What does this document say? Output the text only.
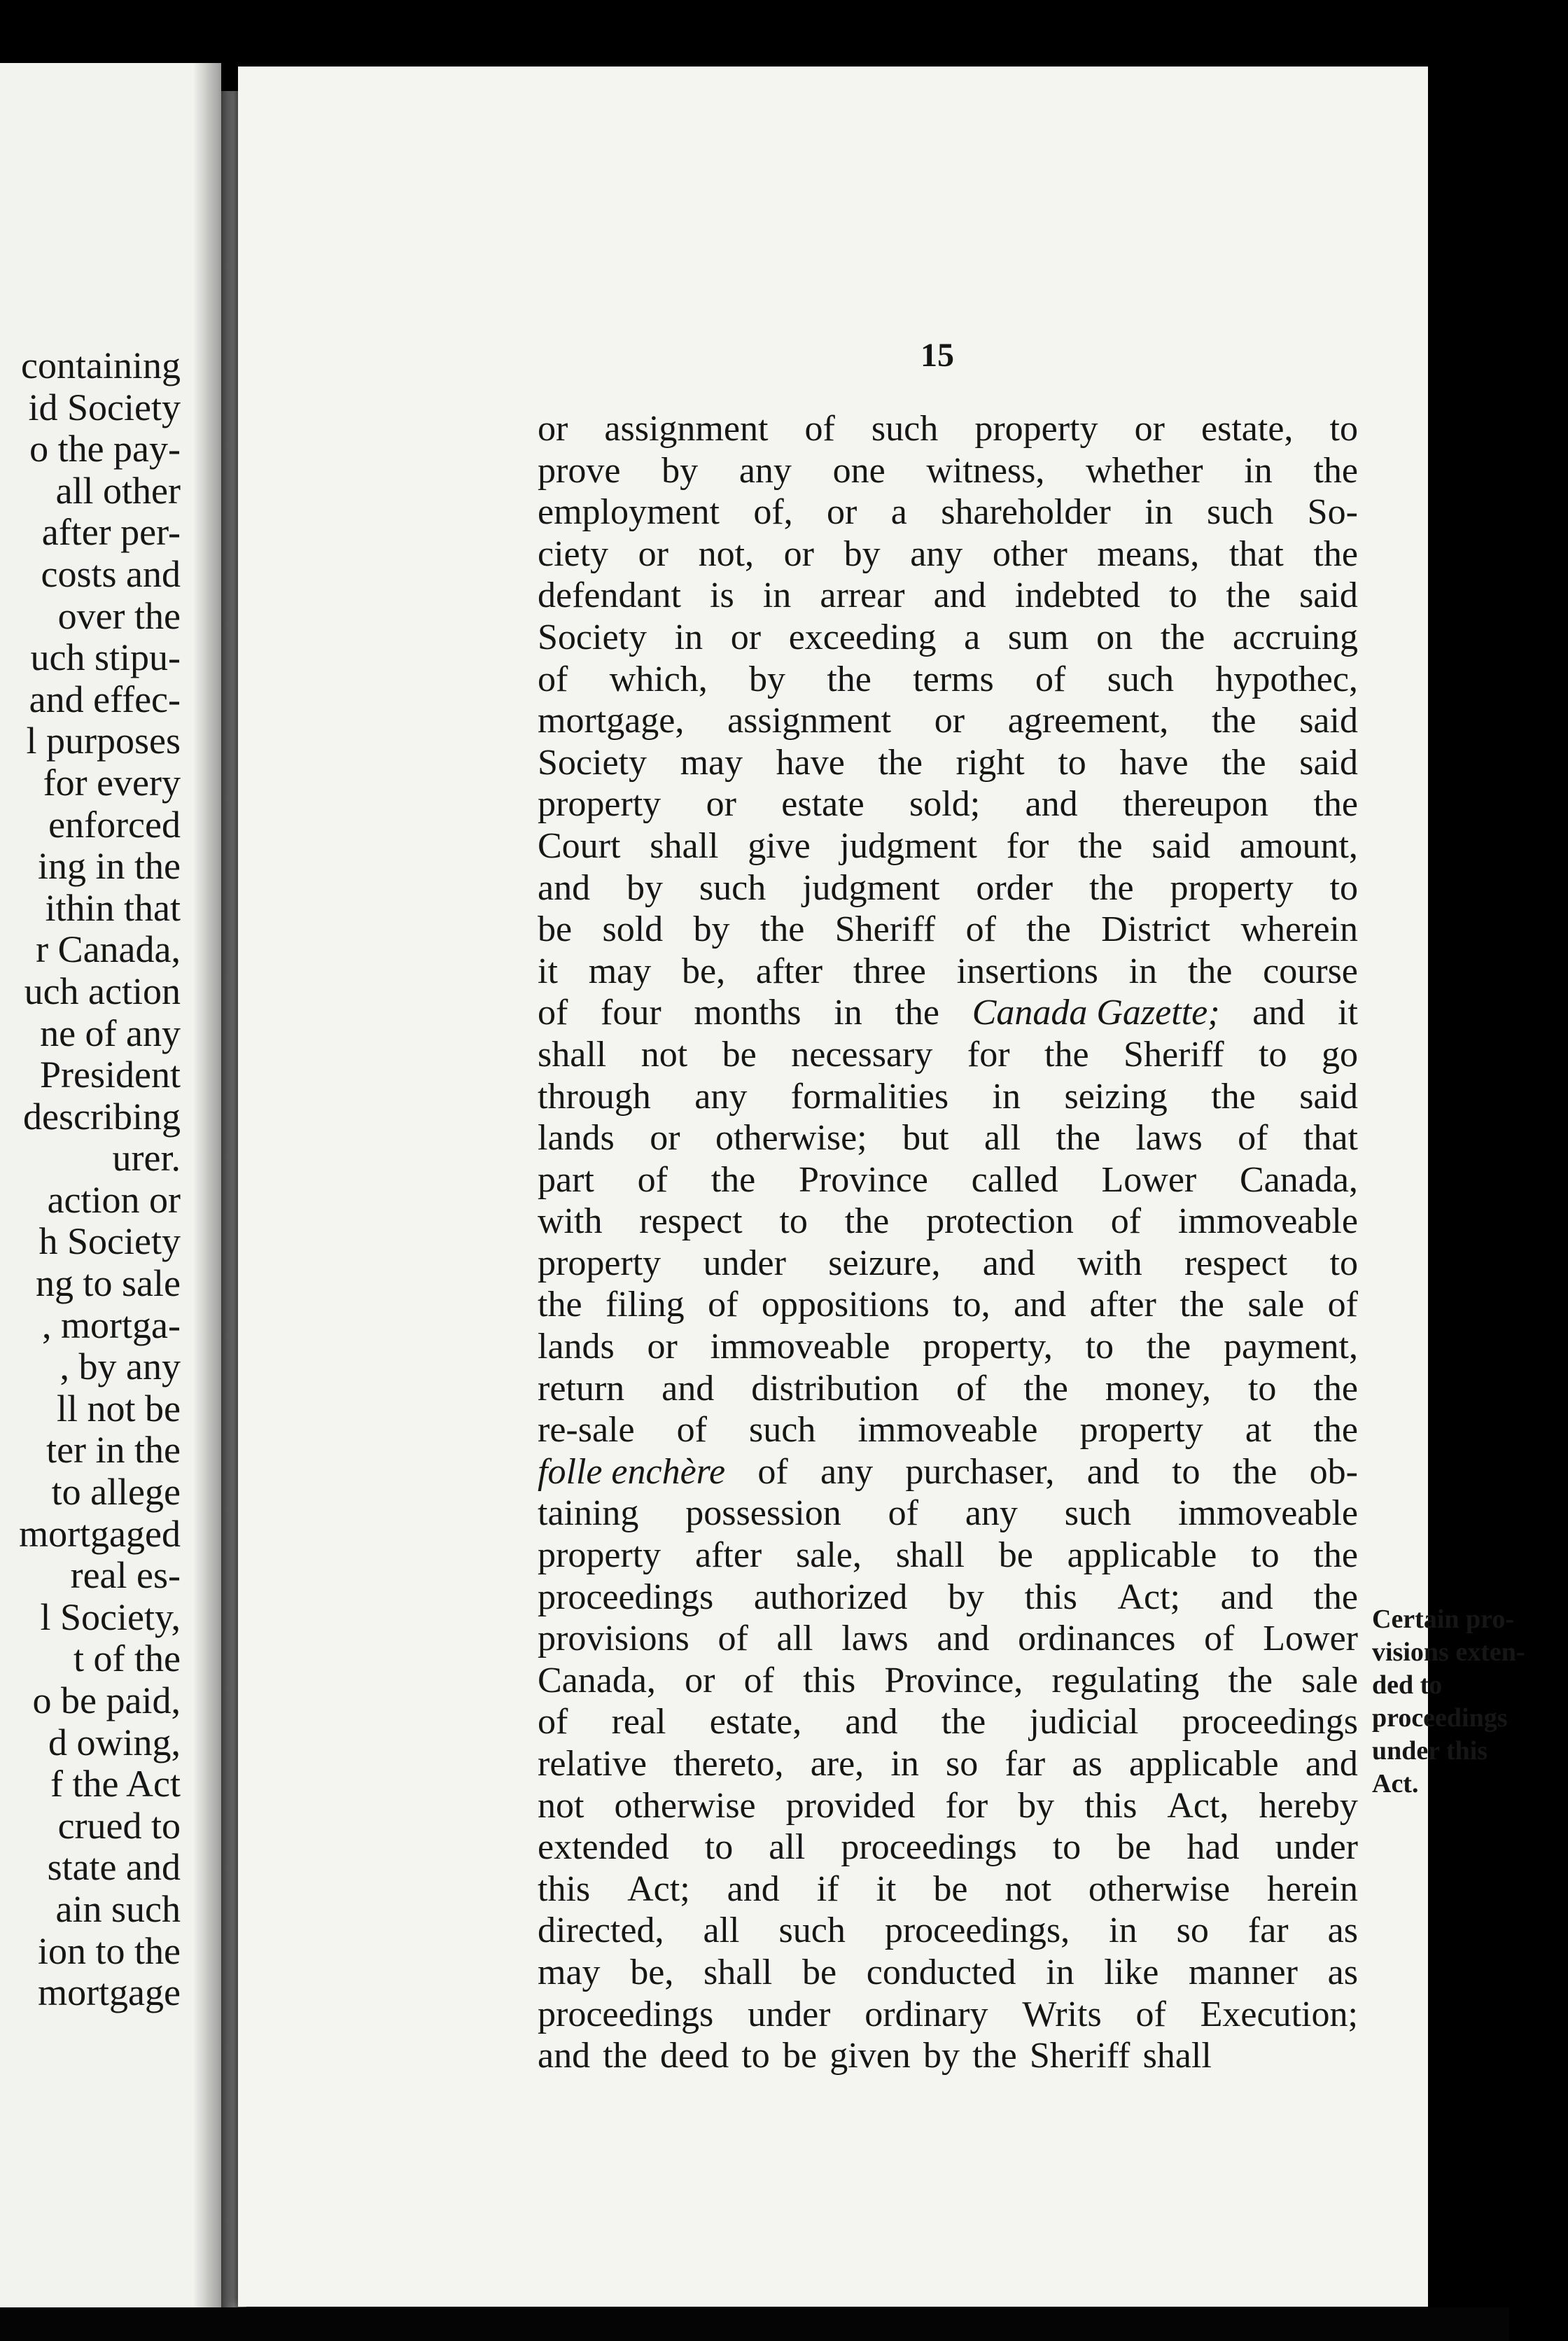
containing
id Society
o the pay-
all other
after per-
costs and
over the
uch stipu-
and effec-
l purposes
for every
enforced
ing in the
ithin that
r Canada,
uch action
ne of any
President
describing
urer.
action or
h Society
ng to sale
, mortga-
, by any
ll not be
ter in the
to allege
mortgaged
real es-
l Society,
t of the
o be paid,
d owing,
f the Act
crued to
state and
ain such
ion to the
mortgage
15
or assignment of such property or estate, to
prove by any one witness, whether in the
employment of, or a shareholder in such So-
ciety or not, or by any other means, that the
defendant is in arrear and indebted to the said
Society in or exceeding a sum on the accruing
of which, by the terms of such hypothec,
mortgage, assignment or agreement, the said
Society may have the right to have the said
property or estate sold; and thereupon the
Court shall give judgment for the said amount,
and by such judgment order the property to
be sold by the Sheriff of the District wherein
it may be, after three insertions in the course
of four months in the Canada Gazette; and it
shall not be necessary for the Sheriff to go
through any formalities in seizing the said
lands or otherwise; but all the laws of that
part of the Province called Lower Canada,
with respect to the protection of immoveable
property under seizure, and with respect to
the filing of oppositions to, and after the sale of
lands or immoveable property, to the payment,
return and distribution of the money, to the
re-sale of such immoveable property at the
folle enchère of any purchaser, and to the ob-
taining possession of any such immoveable
property after sale, shall be applicable to the
proceedings authorized by this Act; and the
provisions of all laws and ordinances of Lower
Canada, or of this Province, regulating the sale
of real estate, and the judicial proceedings
relative thereto, are, in so far as applicable and
not otherwise provided for by this Act, hereby
extended to all proceedings to be had under
this Act; and if it be not otherwise herein
directed, all such proceedings, in so far as
may be, shall be conducted in like manner as
proceedings under ordinary Writs of Execution;
and the deed to be given by the Sheriff shall
Certain pro-
visions exten-
ded to
proceedings
under this
Act.
